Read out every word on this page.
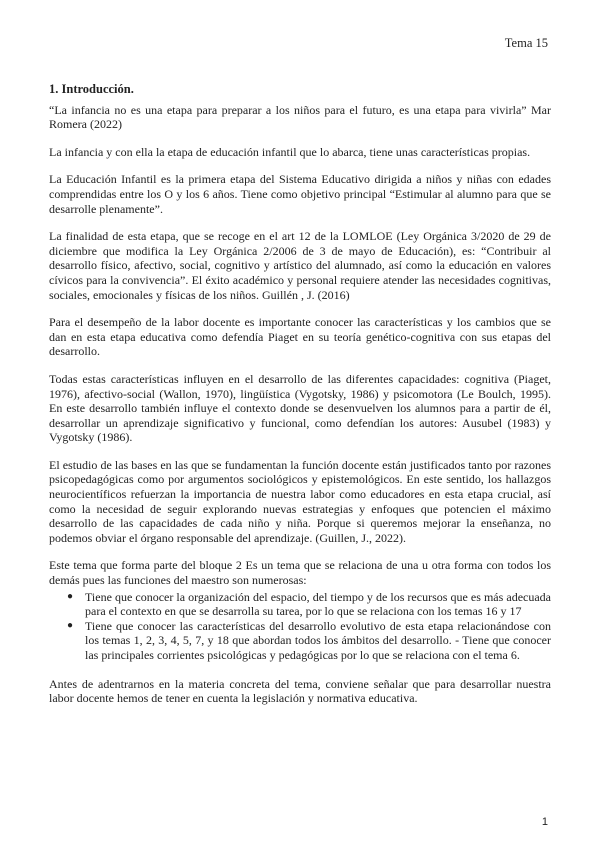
Tema 15
1. Introducción.

“La infancia no es una etapa para preparar a los niños para el futuro, es una etapa para vivirla” Mar Romera (2022)

La infancia y con ella la etapa de educación infantil que lo abarca, tiene unas características propias.

La Educación Infantil es la primera etapa del Sistema Educativo dirigida a niños y niñas con edades comprendidas entre los O y los 6 años. Tiene como objetivo principal “Estimular al alumno para que se desarrolle plenamente”.

La finalidad de esta etapa, que se recoge en el art 12 de la LOMLOE (Ley Orgánica 3/2020 de 29 de diciembre que modifica la Ley Orgánica 2/2006 de 3 de mayo de Educación), es: “Contribuir al desarrollo físico, afectivo, social, cognitivo y artístico del alumnado, así como la educación en valores cívicos para la convivencia”. El éxito académico y personal requiere atender las necesidades cognitivas, sociales, emocionales y físicas de los niños. Guillén , J. (2016)

Para el desempeño de la labor docente es importante conocer las características y los cambios que se dan en esta etapa educativa como defendía Piaget en su teoría genético-cognitiva con sus etapas del desarrollo.

Todas estas características influyen en el desarrollo de las diferentes capacidades: cognitiva (Piaget, 1976), afectivo-social (Wallon, 1970), lingüística (Vygotsky, 1986) y psicomotora (Le Boulch, 1995). En este desarrollo también influye el contexto donde se desenvuelven los alumnos para a partir de él, desarrollar un aprendizaje significativo y funcional, como defendían los autores: Ausubel (1983) y Vygotsky (1986).

El estudio de las bases en las que se fundamentan la función docente están justificados tanto por razones psicopedagógicas como por argumentos sociológicos y epistemológicos. En este sentido, los hallazgos neurocientíficos refuerzan la importancia de nuestra labor como educadores en esta etapa crucial, así como la necesidad de seguir explorando nuevas estrategias y enfoques que potencien el máximo desarrollo de las capacidades de cada niño y niña. Porque si queremos mejorar la enseñanza, no podemos obviar el órgano responsable del aprendizaje. (Guillen, J., 2022).

Este tema que forma parte del bloque 2 Es un tema que se relaciona de una u otra forma con todos los demás pues las funciones del maestro son numerosas:

● Tiene que conocer la organización del espacio, del tiempo y de los recursos que es más adecuada para el contexto en que se desarrolla su tarea, por lo que se relaciona con los temas 16 y 17
● Tiene que conocer las características del desarrollo evolutivo de esta etapa relacionándose con los temas 1, 2, 3, 4, 5, 7, y 18 que abordan todos los ámbitos del desarrollo. - Tiene que conocer las principales corrientes psicológicas y pedagógicas por lo que se relaciona con el tema 6.

Antes de adentrarnos en la materia concreta del tema, conviene señalar que para desarrollar nuestra labor docente hemos de tener en cuenta la legislación y normativa educativa.

1
